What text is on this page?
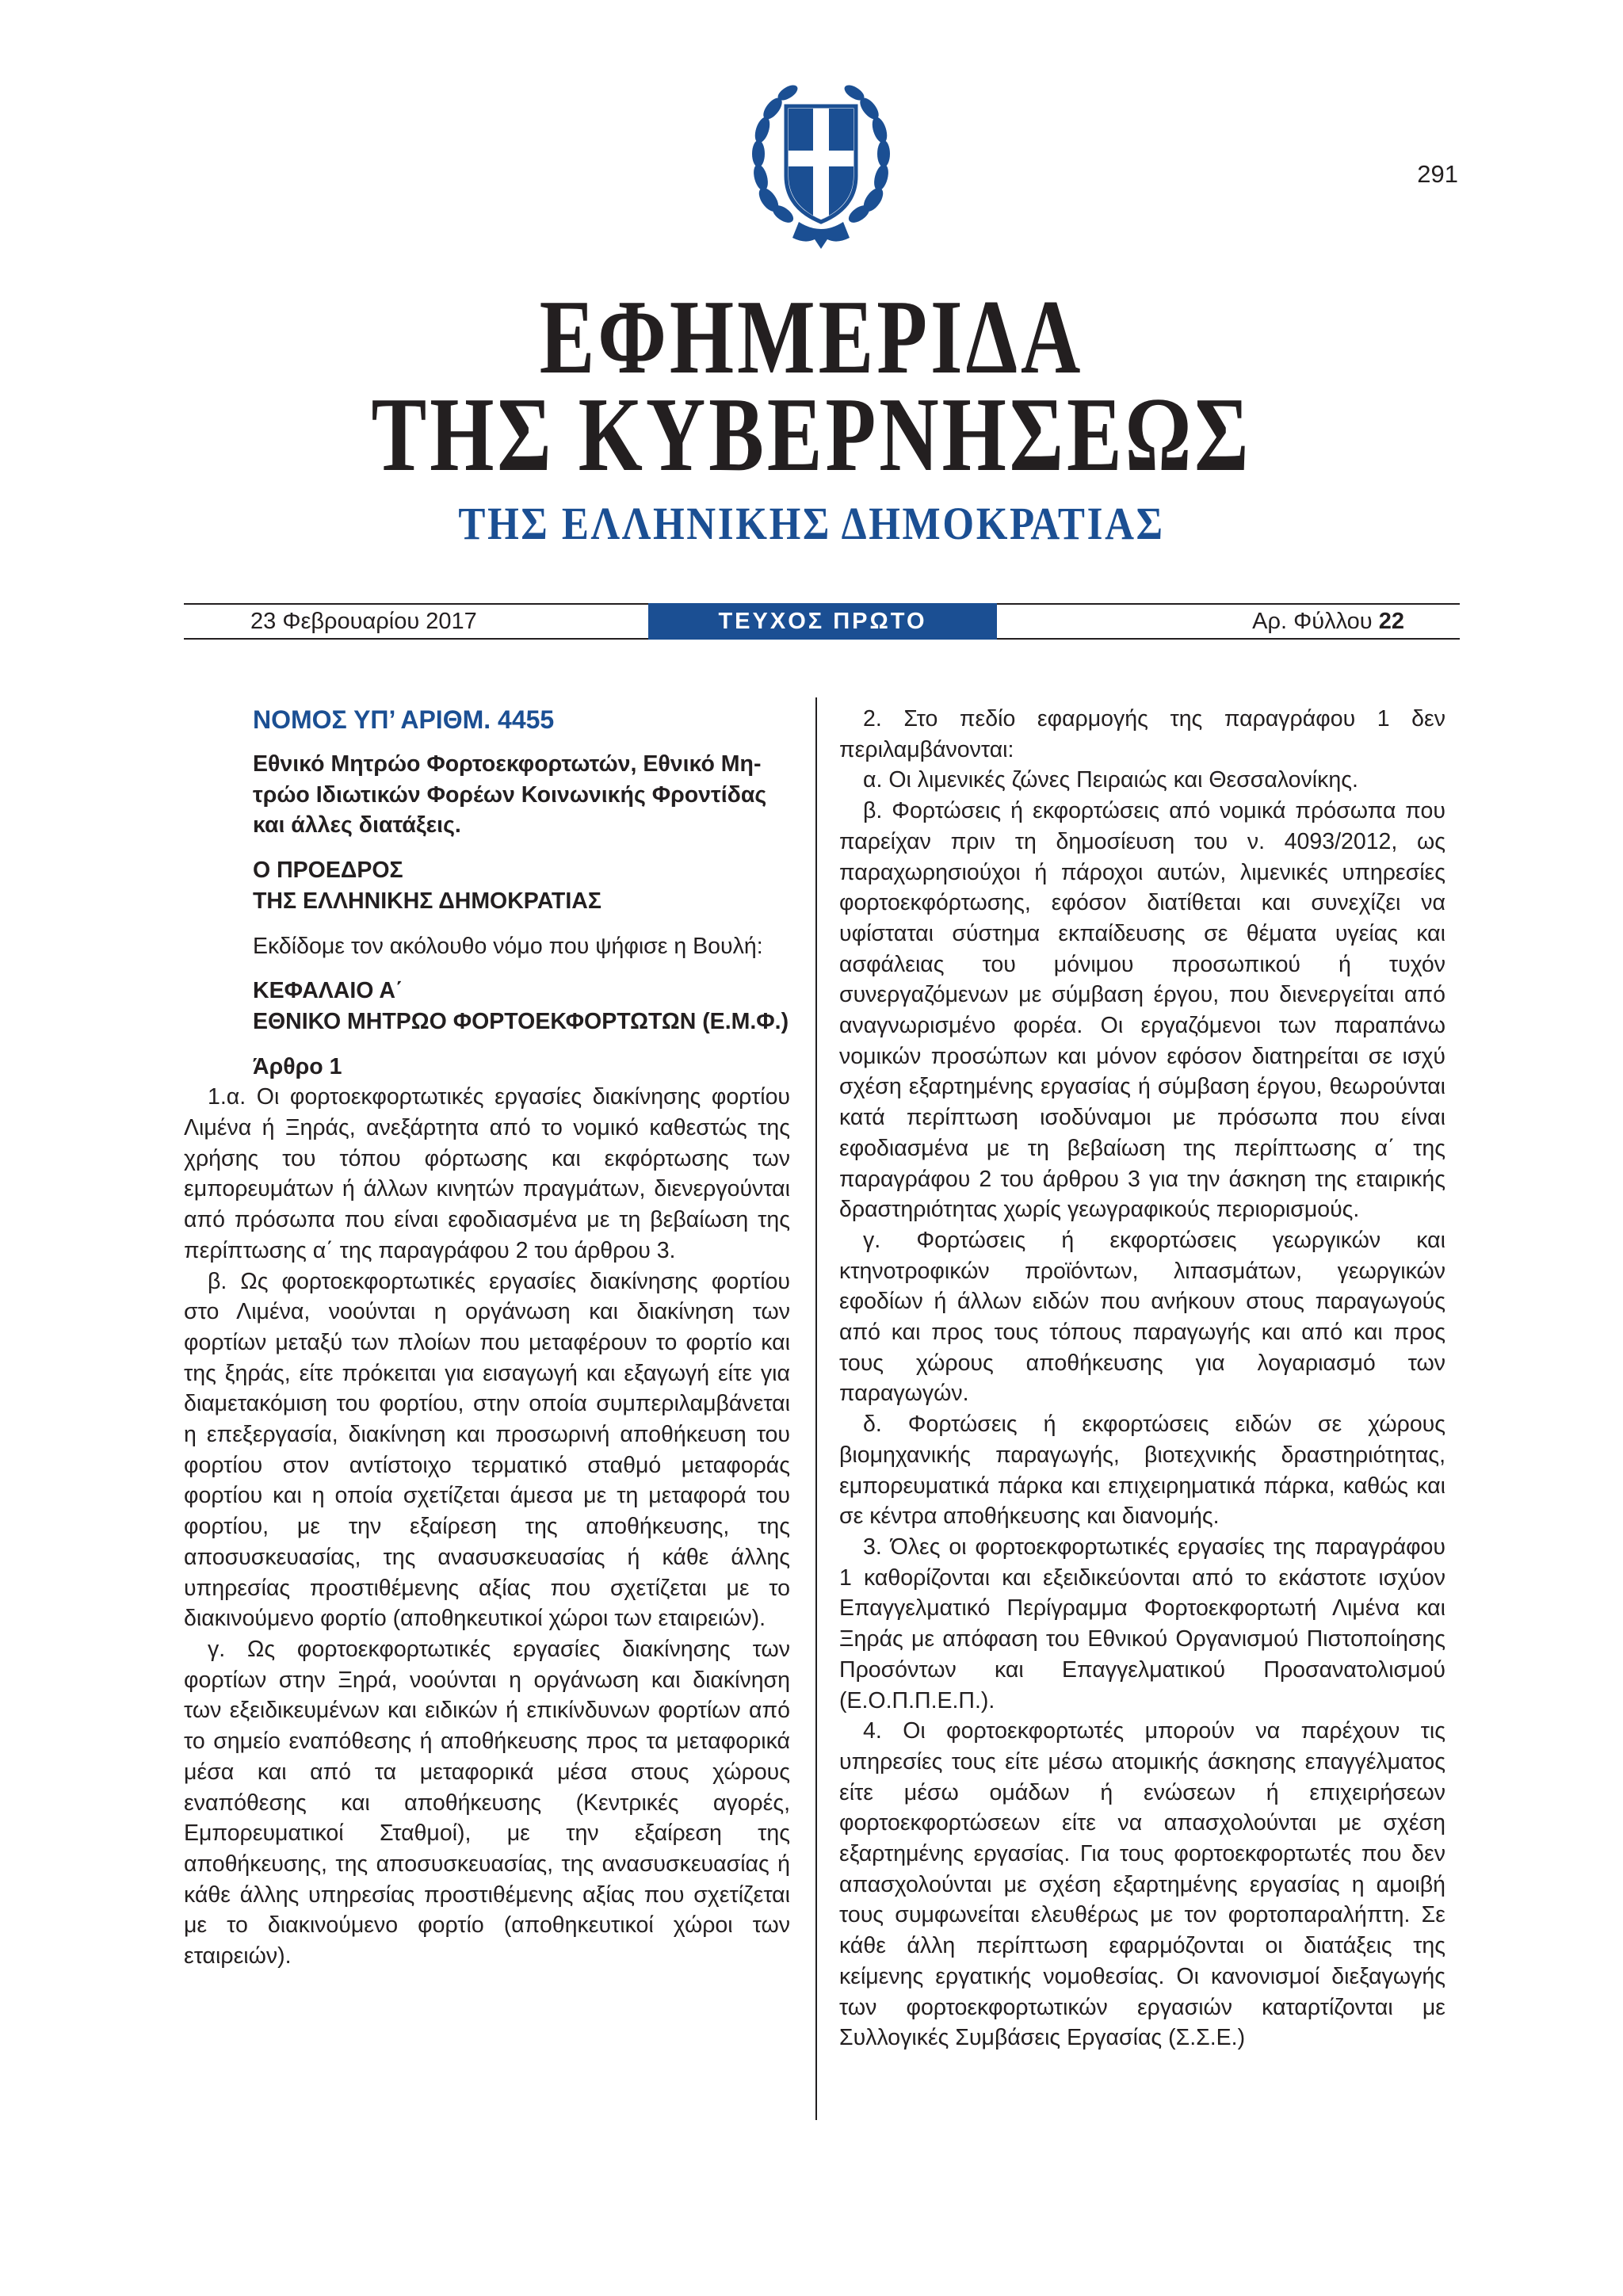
291
ΕΦΗΜΕΡΙΔΑ
ΤΗΣ ΚΥΒΕΡΝΗΣΕΩΣ
ΤΗΣ ΕΛΛΗΝΙΚΗΣ ΔΗΜΟΚΡΑΤΙΑΣ
23 Φεβρουαρίου 2017	ΤΕΥΧΟΣ ΠΡΩΤΟ	Αρ. Φύλλου 22

ΝΟΜΟΣ ΥΠ’ ΑΡΙΘΜ. 4455

Εθνικό Μητρώο Φορτοεκφορτωτών, Εθνικό Μη-
τρώο Ιδιωτικών Φορέων Κοινωνικής Φροντίδας
και άλλες διατάξεις.

Ο ΠΡΟΕΔΡΟΣ
ΤΗΣ ΕΛΛΗΝΙΚΗΣ ΔΗΜΟΚΡΑΤΙΑΣ

Εκδίδομε τον ακόλουθο νόμο που ψήφισε η Βουλή:

ΚΕΦΑΛΑΙΟ Α΄
ΕΘΝΙΚΟ ΜΗΤΡΩΟ ΦΟΡΤΟΕΚΦΟΡΤΩΤΩΝ (Ε.Μ.Φ.)

Άρθρο 1

1.α. Οι φορτοεκφορτωτικές εργασίες διακίνησης φορτίου Λιμένα ή Ξηράς, ανεξάρτητα από το νομικό καθεστώς της χρήσης του τόπου φόρτωσης και εκφόρτωσης των εμπορευμάτων ή άλλων κινητών πραγμάτων, διενεργούνται από πρόσωπα που είναι εφοδιασμένα με τη βεβαίωση της περίπτωσης α΄ της παραγράφου 2 του άρθρου 3.

β. Ως φορτοεκφορτωτικές εργασίες διακίνησης φορτίου στο Λιμένα, νοούνται η οργάνωση και διακίνηση των φορτίων μεταξύ των πλοίων που μεταφέρουν το φορτίο και της ξηράς, είτε πρόκειται για εισαγωγή και εξαγωγή είτε για διαμετακόμιση του φορτίου, στην οποία συμπεριλαμβάνεται η επεξεργασία, διακίνηση και προσωρινή αποθήκευση του φορτίου στον αντίστοιχο τερματικό σταθμό μεταφοράς φορτίου και η οποία σχετίζεται άμεσα με τη μεταφορά του φορτίου, με την εξαίρεση της αποθήκευσης, της αποσυσκευασίας, της ανασυσκευασίας ή κάθε άλλης υπηρεσίας προστιθέμενης αξίας που σχετίζεται με το διακινούμενο φορτίο (αποθηκευτικοί χώροι των εταιρειών).

γ. Ως φορτοεκφορτωτικές εργασίες διακίνησης των φορτίων στην Ξηρά, νοούνται η οργάνωση και διακίνηση των εξειδικευμένων και ειδικών ή επικίνδυνων φορτίων από το σημείο εναπόθεσης ή αποθήκευσης προς τα μεταφορικά μέσα και από τα μεταφορικά μέσα στους χώρους εναπόθεσης και αποθήκευσης (Κεντρικές αγορές, Εμπορευματικοί Σταθμοί), με την εξαίρεση της αποθήκευσης, της αποσυσκευασίας, της ανασυσκευασίας ή κάθε άλλης υπηρεσίας προστιθέμενης αξίας που σχετίζεται με το διακινούμενο φορτίο (αποθηκευτικοί χώροι των εταιρειών).

2. Στο πεδίο εφαρμογής της παραγράφου 1 δεν περιλαμβάνονται:

α. Οι λιμενικές ζώνες Πειραιώς και Θεσσαλονίκης.

β. Φορτώσεις ή εκφορτώσεις από νομικά πρόσωπα που παρείχαν πριν τη δημοσίευση του ν. 4093/2012, ως παραχωρησιούχοι ή πάροχοι αυτών, λιμενικές υπηρεσίες φορτοεκφόρτωσης, εφόσον διατίθεται και συνεχίζει να υφίσταται σύστημα εκπαίδευσης σε θέματα υγείας και ασφάλειας του μόνιμου προσωπικού ή τυχόν συνεργαζόμενων με σύμβαση έργου, που διενεργείται από αναγνωρισμένο φορέα. Οι εργαζόμενοι των παραπάνω νομικών προσώπων και μόνον εφόσον διατηρείται σε ισχύ σχέση εξαρτημένης εργασίας ή σύμβαση έργου, θεωρούνται κατά περίπτωση ισοδύναμοι με πρόσωπα που είναι εφοδιασμένα με τη βεβαίωση της περίπτωσης α΄ της παραγράφου 2 του άρθρου 3 για την άσκηση της εταιρικής δραστηριότητας χωρίς γεωγραφικούς περιορισμούς.

γ. Φορτώσεις ή εκφορτώσεις γεωργικών και κτηνοτροφικών προϊόντων, λιπασμάτων, γεωργικών εφοδίων ή άλλων ειδών που ανήκουν στους παραγωγούς από και προς τους τόπους παραγωγής και από και προς τους χώρους αποθήκευσης για λογαριασμό των παραγωγών.

δ. Φορτώσεις ή εκφορτώσεις ειδών σε χώρους βιομηχανικής παραγωγής, βιοτεχνικής δραστηριότητας, εμπορευματικά πάρκα και επιχειρηματικά πάρκα, καθώς και σε κέντρα αποθήκευσης και διανομής.

3. Όλες οι φορτοεκφορτωτικές εργασίες της παραγράφου 1 καθορίζονται και εξειδικεύονται από το εκάστοτε ισχύον Επαγγελματικό Περίγραμμα Φορτοεκφορτωτή Λιμένα και Ξηράς με απόφαση του Εθνικού Οργανισμού Πιστοποίησης Προσόντων και Επαγγελματικού Προσανατολισμού (Ε.Ο.Π.Π.Ε.Π.).

4. Οι φορτοεκφορτωτές μπορούν να παρέχουν τις υπηρεσίες τους είτε μέσω ατομικής άσκησης επαγγέλματος είτε μέσω ομάδων ή ενώσεων ή επιχειρήσεων φορτοεκφορτώσεων είτε να απασχολούνται με σχέση εξαρτημένης εργασίας. Για τους φορτοεκφορτωτές που δεν απασχολούνται με σχέση εξαρτημένης εργασίας η αμοιβή τους συμφωνείται ελευθέρως με τον φορτοπαραλήπτη. Σε κάθε άλλη περίπτωση εφαρμόζονται οι διατάξεις της κείμενης εργατικής νομοθεσίας. Οι κανονισμοί διεξαγωγής των φορτοεκφορτωτικών εργασιών καταρτίζονται με Συλλογικές Συμβάσεις Εργασίας (Σ.Σ.Ε.)
